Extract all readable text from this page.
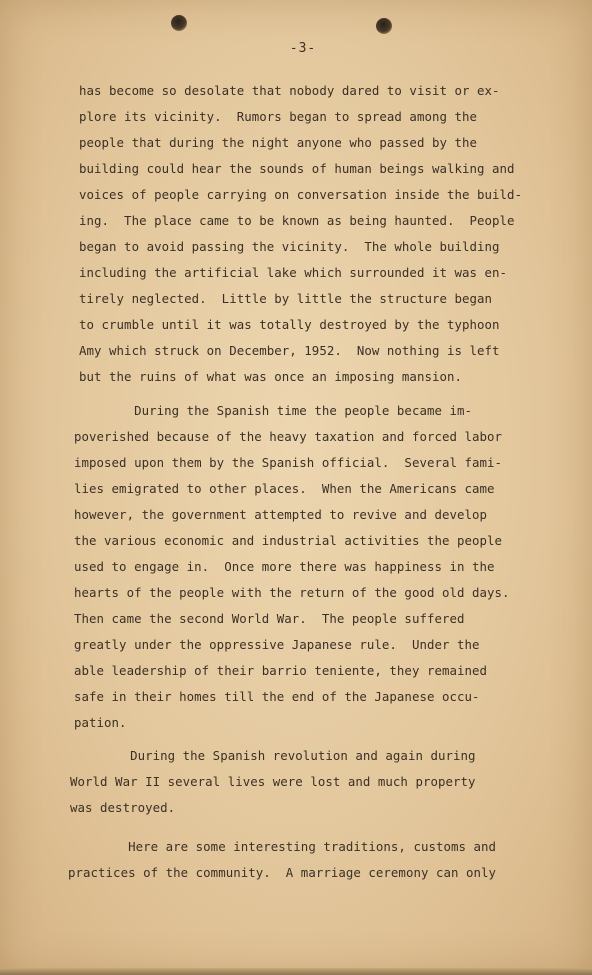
-3-
has become so desolate that nobody dared to visit or ex-
plore its vicinity.  Rumors began to spread among the
people that during the night anyone who passed by the
building could hear the sounds of human beings walking and
voices of people carrying on conversation inside the build-
ing.  The place came to be known as being haunted.  People
began to avoid passing the vicinity.  The whole building
including the artificial lake which surrounded it was en-
tirely neglected.  Little by little the structure began
to crumble until it was totally destroyed by the typhoon
Amy which struck on December, 1952.  Now nothing is left
but the ruins of what was once an imposing mansion.
During the Spanish time the people became im-
poverished because of the heavy taxation and forced labor
imposed upon them by the Spanish official.  Several fami-
lies emigrated to other places.  When the Americans came
however, the government attempted to revive and develop
the various economic and industrial activities the people
used to engage in.  Once more there was happiness in the
hearts of the people with the return of the good old days.
Then came the second World War.  The people suffered
greatly under the oppressive Japanese rule.  Under the
able leadership of their barrio teniente, they remained
safe in their homes till the end of the Japanese occu-
pation.
During the Spanish revolution and again during
World War II several lives were lost and much property
was destroyed.
Here are some interesting traditions, customs and
practices of the community.  A marriage ceremony can only
